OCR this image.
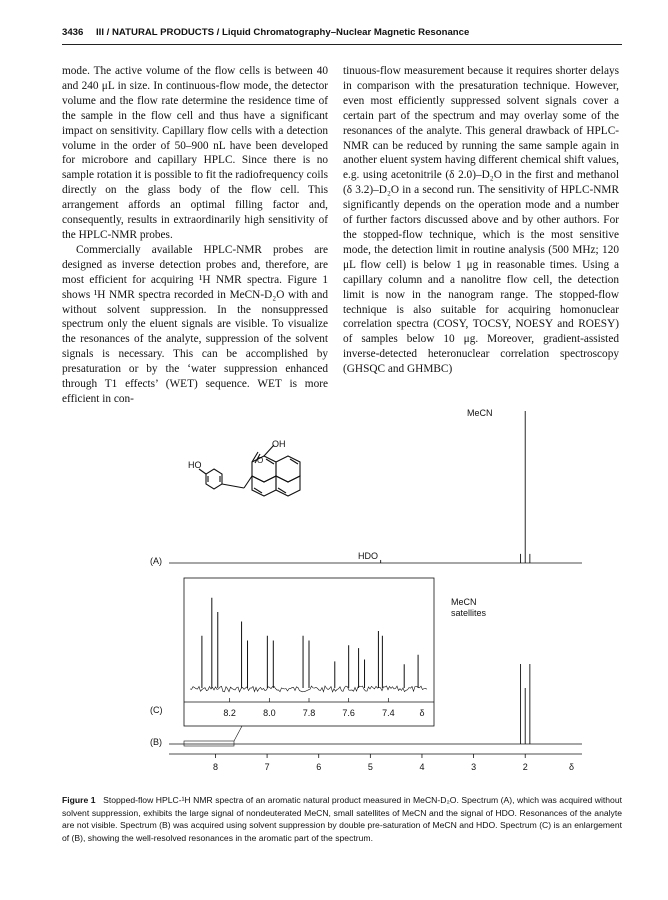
3436 III / NATURAL PRODUCTS / Liquid Chromatography–Nuclear Magnetic Resonance

mode. The active volume of the flow cells is between 40 and 240 μL in size. In continuous-flow mode, the detector volume and the flow rate determine the residence time of the sample in the flow cell and thus have a significant impact on sensitivity. Capillary flow cells with a detection volume in the order of 50–900 nL have been developed for microbore and capillary HPLC. Since there is no sample rotation it is possible to fit the radiofrequency coils directly on the glass body of the flow cell. This arrangement affords an optimal filling factor and, consequently, results in extraordinarily high sensitivity of the HPLC-NMR probes.

Commercially available HPLC-NMR probes are designed as inverse detection probes and, therefore, are most efficient for acquiring ¹H NMR spectra. Figure 1 shows ¹H NMR spectra recorded in MeCN-D₂O with and without solvent suppression. In the nonsuppressed spectrum only the eluent signals are visible. To visualize the resonances of the analyte, suppression of the solvent signals is necessary. This can be accomplished by presaturation or by the ‘water suppression enhanced through T1 effects’ (WET) sequence. WET is more efficient in con-

tinuous-flow measurement because it requires shorter delays in comparison with the presaturation technique. However, even most efficiently suppressed solvent signals cover a certain part of the spectrum and may overlay some of the resonances of the analyte. This general drawback of HPLC-NMR can be reduced by running the same sample again in another eluent system having different chemical shift values, e.g. using acetonitrile (δ 2.0)–D₂O in the first and methanol (δ 3.2)–D₂O in a second run. The sensitivity of HPLC-NMR significantly depends on the operation mode and a number of further factors discussed above and by other authors. For the stopped-flow technique, which is the most sensitive mode, the detection limit in routine analysis (500 MHz; 120 μL flow cell) is below 1 μg in reasonable times. Using a capillary column and a nanolitre flow cell, the detection limit is now in the nanogram range. The stopped-flow technique is also suitable for acquiring homonuclear correlation spectra (COSY, TOCSY, NOESY and ROESY) of samples below 10 μg. Moreover, gradient-assisted inverse-detected heteronuclear correlation spectroscopy (GHSQC and GHMBC)

8	7	6	5	4	3	2	δ
8.2	8.0	7.8	7.6	7.4	δ
HO
OH
O
(A)
(C)
(B)
MeCN
HDO
MeCN
satellites
Figure 1 Stopped-flow HPLC-¹H NMR spectra of an aromatic natural product measured in MeCN-D₂O. Spectrum (A), which was acquired without solvent suppression, exhibits the large signal of nondeuterated MeCN, small satellites of MeCN and the signal of HDO. Resonances of the analyte are not visible. Spectrum (B) was acquired using solvent suppression by double pre-saturation of MeCN and HDO. Spectrum (C) is an enlargement of (B), showing the well-resolved resonances in the aromatic part of the spectrum.
